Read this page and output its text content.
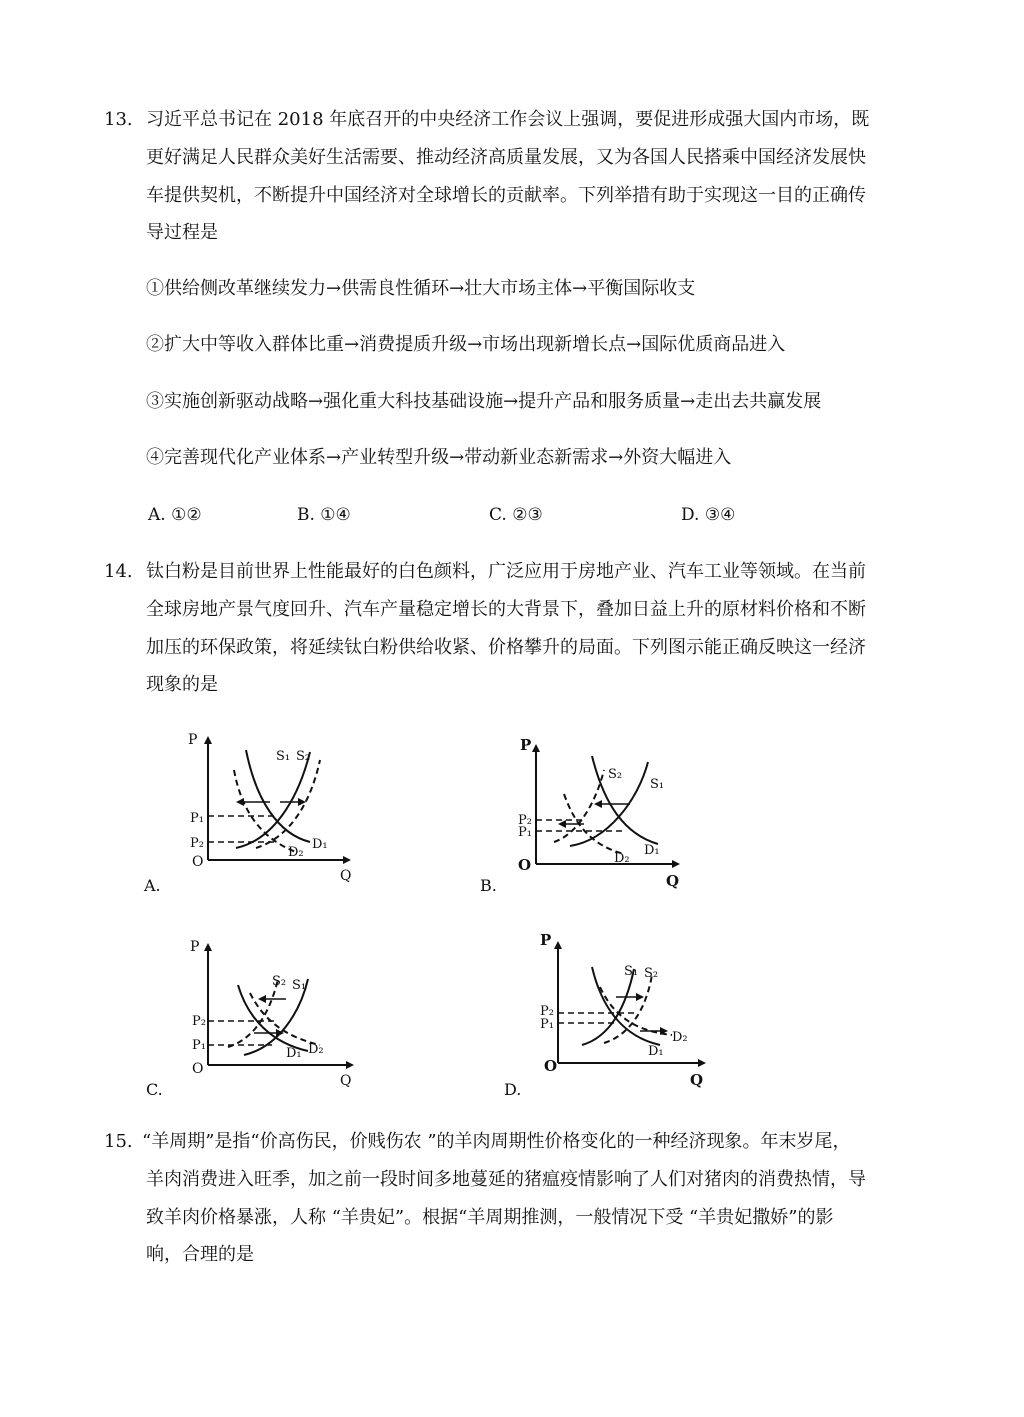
13. 习近平总书记在 2018 年底召开的中央经济工作会议上强调，要促进形成强大国内市场，既
更好满足人民群众美好生活需要、推动经济高质量发展，又为各国人民搭乘中国经济发展快
车提供契机，不断提升中国经济对全球增长的贡献率。下列举措有助于实现这一目的正确传
导过程是
①供给侧改革继续发力→供需良性循环→壮大市场主体→平衡国际收支
②扩大中等收入群体比重→消费提质升级→市场出现新增长点→国际优质商品进入
③实施创新驱动战略→强化重大科技基础设施→提升产品和服务质量→走出去共赢发展
④完善现代化产业体系→产业转型升级→带动新业态新需求→外资大幅进入
A. ①②	B. ①④	C. ②③	D. ③④
14. 钛白粉是目前世界上性能最好的白色颜料，广泛应用于房地产业、汽车工业等领域。在当前
全球房地产景气度回升、汽车产量稳定增长的大背景下，叠加日益上升的原材料价格和不断
加压的环保政策，将延续钛白粉供给收紧、价格攀升的局面。下列图示能正确反映这一经济
现象的是
A.
P
Q
O
P₁
P₂
S₁ S₂
D₁
D₂
B.
P
Q
O
P₂
P₁
S₂
S₁
D₁
D₂
C.
P
Q
O
P₂
P₁
S₂ S₁
D₁ D₂
D.
P
Q
O
P₂
P₁
S₁ S₂
D₂
D₁
15. “羊周期”是指“价高伤民，价贱伤农 ”的羊肉周期性价格变化的一种经济现象。年末岁尾，
羊肉消费进入旺季，加之前一段时间多地蔓延的猪瘟疫情影响了人们对猪肉的消费热情，导
致羊肉价格暴涨，人称 “羊贵妃”。根据“羊周期推测，一般情况下受 “羊贵妃撒娇”的影
响，合理的是
